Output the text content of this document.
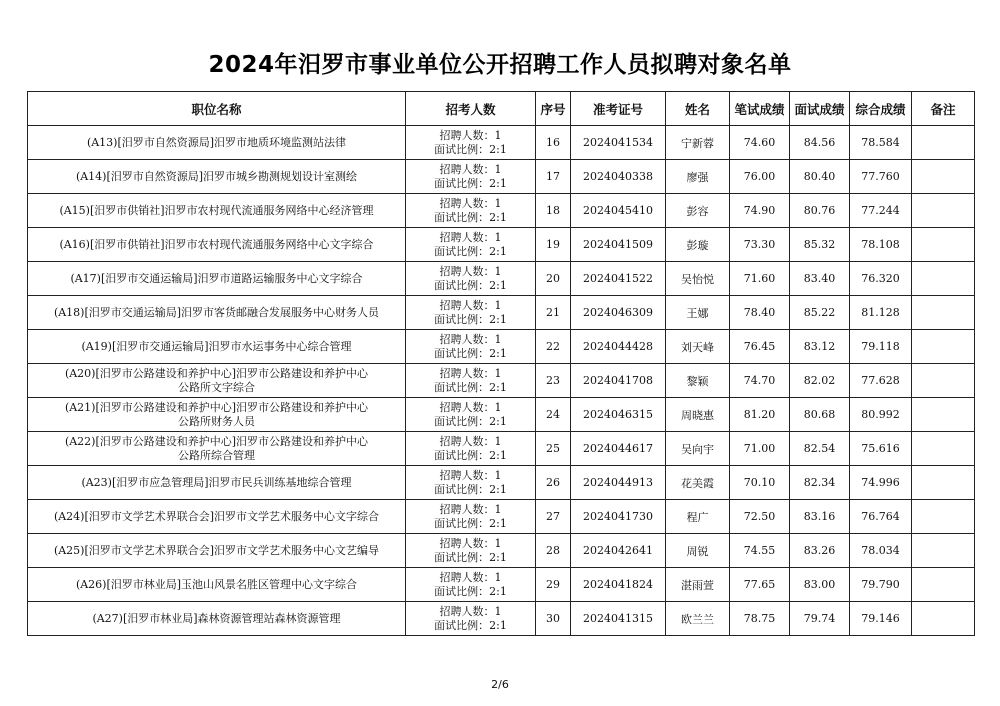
2024年汨罗市事业单位公开招聘工作人员拟聘对象名单
职位名称	招考人数	序号	准考证号	姓名	笔试成绩	面试成绩	综合成绩	备注

(A13)[汨罗市自然资源局]汨罗市地质环境监测站法律	招聘人数：1
面试比例：2:1	16	2024041534	宁新蓉	74.60	84.56	78.584	

(A14)[汨罗市自然资源局]汨罗市城乡勘测规划设计室测绘	招聘人数：1
面试比例：2:1	17	2024040338	廖强	76.00	80.40	77.760	

(A15)[汨罗市供销社]汨罗市农村现代流通服务网络中心经济管理	招聘人数：1
面试比例：2:1	18	2024045410	彭容	74.90	80.76	77.244	

(A16)[汨罗市供销社]汨罗市农村现代流通服务网络中心文字综合	招聘人数：1
面试比例：2:1	19	2024041509	彭璇	73.30	85.32	78.108	

(A17)[汨罗市交通运输局]汨罗市道路运输服务中心文字综合	招聘人数：1
面试比例：2:1	20	2024041522	吴怡悦	71.60	83.40	76.320	

(A18)[汨罗市交通运输局]汨罗市客货邮融合发展服务中心财务人员	招聘人数：1
面试比例：2:1	21	2024046309	王娜	78.40	85.22	81.128	

(A19)[汨罗市交通运输局]汨罗市水运事务中心综合管理	招聘人数：1
面试比例：2:1	22	2024044428	刘天峰	76.45	83.12	79.118	

(A20)[汨罗市公路建设和养护中心]汨罗市公路建设和养护中心
公路所文字综合	招聘人数：1
面试比例：2:1	23	2024041708	黎颖	74.70	82.02	77.628	

(A21)[汨罗市公路建设和养护中心]汨罗市公路建设和养护中心
公路所财务人员	招聘人数：1
面试比例：2:1	24	2024046315	周晓惠	81.20	80.68	80.992	

(A22)[汨罗市公路建设和养护中心]汨罗市公路建设和养护中心
公路所综合管理	招聘人数：1
面试比例：2:1	25	2024044617	吴向宇	71.00	82.54	75.616	

(A23)[汨罗市应急管理局]汨罗市民兵训练基地综合管理	招聘人数：1
面试比例：2:1	26	2024044913	花美霞	70.10	82.34	74.996	

(A24)[汨罗市文学艺术界联合会]汨罗市文学艺术服务中心文字综合	招聘人数：1
面试比例：2:1	27	2024041730	程广	72.50	83.16	76.764	

(A25)[汨罗市文学艺术界联合会]汨罗市文学艺术服务中心文艺编导	招聘人数：1
面试比例：2:1	28	2024042641	周锐	74.55	83.26	78.034	

(A26)[汨罗市林业局]玉池山风景名胜区管理中心文字综合	招聘人数：1
面试比例：2:1	29	2024041824	湛雨萱	77.65	83.00	79.790	

(A27)[汨罗市林业局]森林资源管理站森林资源管理	招聘人数：1
面试比例：2:1	30	2024041315	欧兰兰	78.75	79.74	79.146	
2/6
